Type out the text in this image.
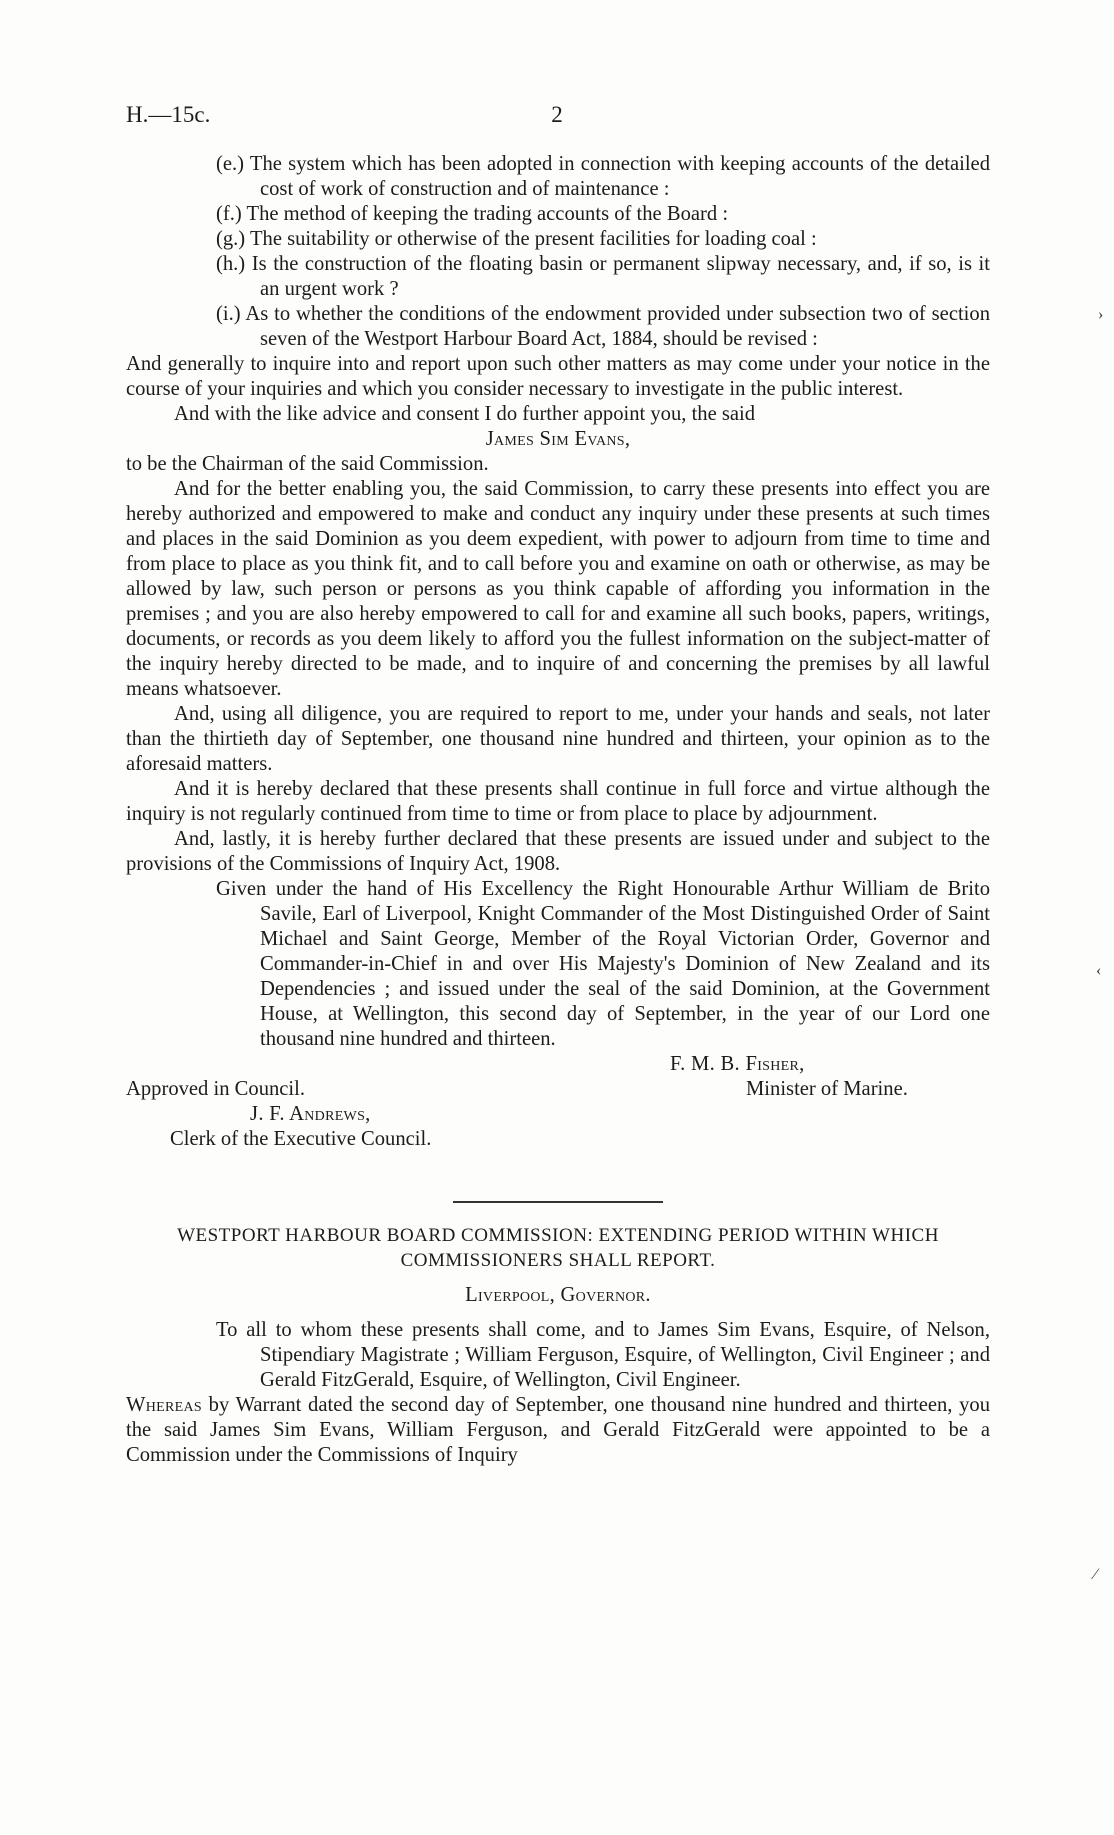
H.—15c.	2
›
‹
⁄

(e.) The system which has been adopted in connection with keeping accounts of the detailed cost of work of construction and of maintenance :

(f.) The method of keeping the trading accounts of the Board :

(g.) The suitability or otherwise of the present facilities for loading coal :

(h.) Is the construction of the floating basin or permanent slipway necessary, and, if so, is it an urgent work ?

(i.) As to whether the conditions of the endowment provided under subsection two of section seven of the Westport Harbour Board Act, 1884, should be revised :

And generally to inquire into and report upon such other matters as may come under your notice in the course of your inquiries and which you consider necessary to investigate in the public interest.

And with the like advice and consent I do further appoint you, the said

James Sim Evans,

to be the Chairman of the said Commission.

And for the better enabling you, the said Commission, to carry these presents into effect you are hereby authorized and empowered to make and conduct any inquiry under these presents at such times and places in the said Dominion as you deem expedient, with power to adjourn from time to time and from place to place as you think fit, and to call before you and examine on oath or otherwise, as may be allowed by law, such person or persons as you think capable of affording you information in the premises ; and you are also hereby empowered to call for and examine all such books, papers, writings, documents, or records as you deem likely to afford you the fullest information on the subject-matter of the inquiry hereby directed to be made, and to inquire of and concerning the premises by all lawful means whatsoever.

And, using all diligence, you are required to report to me, under your hands and seals, not later than the thirtieth day of September, one thousand nine hundred and thirteen, your opinion as to the aforesaid matters.

And it is hereby declared that these presents shall continue in full force and virtue although the inquiry is not regularly continued from time to time or from place to place by adjournment.

And, lastly, it is hereby further declared that these presents are issued under and subject to the provisions of the Commissions of Inquiry Act, 1908.

Given under the hand of His Excellency the Right Honourable Arthur William de Brito Savile, Earl of Liverpool, Knight Commander of the Most Distinguished Order of Saint Michael and Saint George, Member of the Royal Victorian Order, Governor and Commander-in-Chief in and over His Majesty's Dominion of New Zealand and its Dependencies ; and issued under the seal of the said Dominion, at the Government House, at Wellington, this second day of September, in the year of our Lord one thousand nine hundred and thirteen.

F. M. B. Fisher,
Minister of Marine.
Approved in Council.
J. F. Andrews,
Clerk of the Executive Council.
WESTPORT HARBOUR BOARD COMMISSION: EXTENDING PERIOD WITHIN WHICH
COMMISSIONERS SHALL REPORT.

Liverpool, Governor.

To all to whom these presents shall come, and to James Sim Evans, Esquire, of Nelson, Stipendiary Magistrate ; William Ferguson, Esquire, of Wellington, Civil Engineer ; and Gerald FitzGerald, Esquire, of Wellington, Civil Engineer.

Whereas by Warrant dated the second day of September, one thousand nine hundred and thirteen, you the said James Sim Evans, William Ferguson, and Gerald FitzGerald were appointed to be a Commission under the Commissions of Inquiry
